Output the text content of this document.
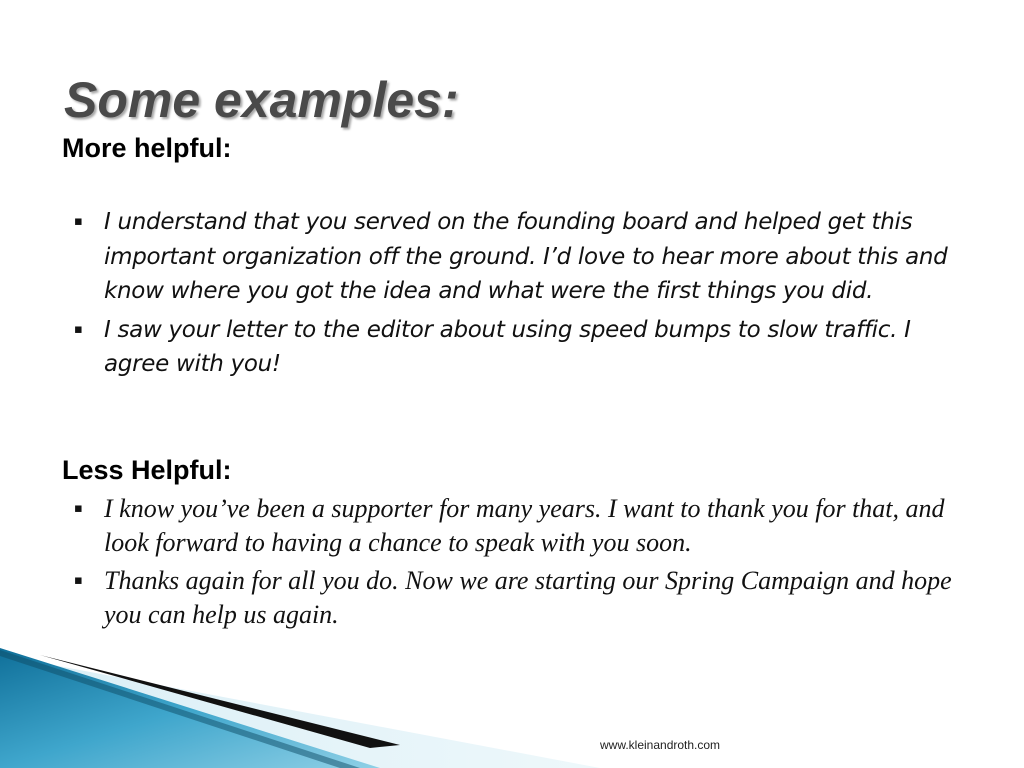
Some examples:
More helpful:
▪ I understand that you served on the founding board and helped get this important organization off the ground. I’d love to hear more about this and know where you got the idea and what were the first things you did.
▪ I saw your letter to the editor about using speed bumps to slow traffic. I agree with you!
Less Helpful:
▪ I know you’ve been a supporter for many years. I want to thank you for that, and look forward to having a chance to speak with you soon.
▪ Thanks again for all you do. Now we are starting our Spring Campaign and hope you can help us again.
www.kleinandroth.com
